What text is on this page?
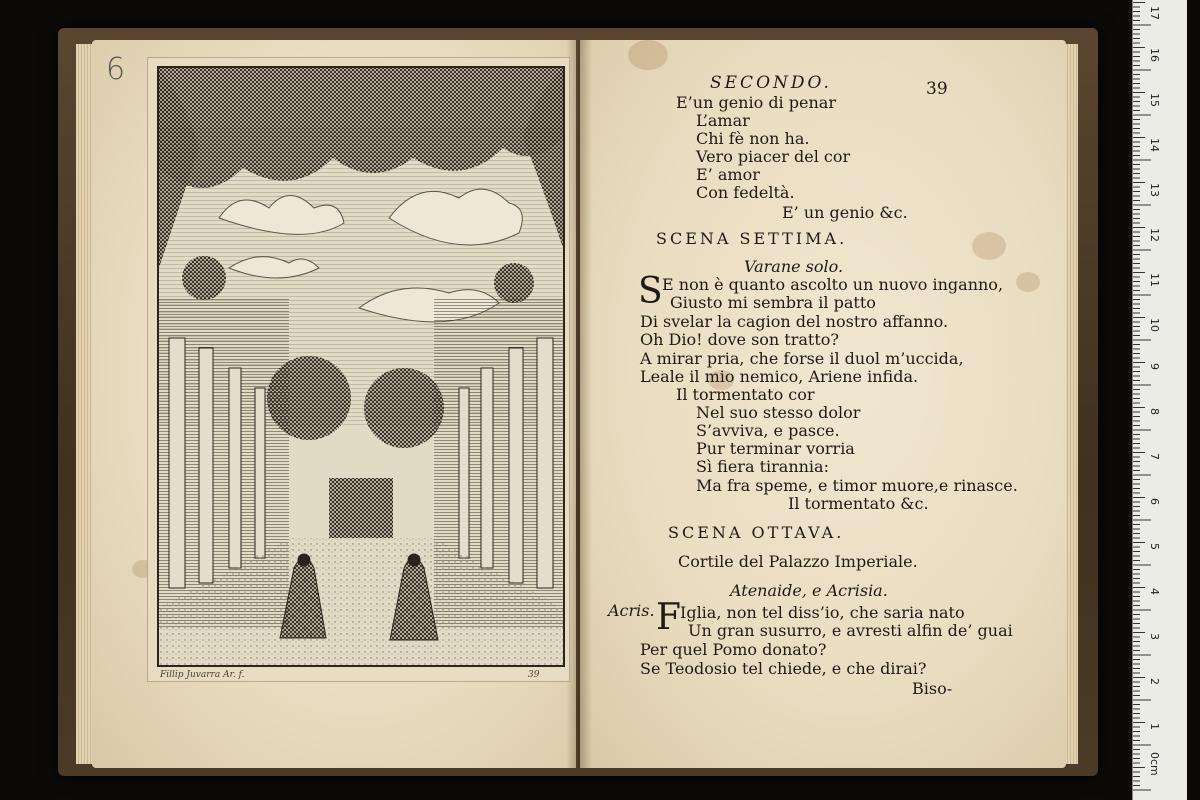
6
Fillip Juvarra Ar. f.	39
SECONDO.	39
E’un genio di penar
L’amar
Chi fè non ha.
Vero piacer del cor
E’ amor
Con fedeltà.
E’ un genio &c.
SCENA SETTIMA.
Varane solo.
S E non è quanto ascolto un nuovo inganno,
Giusto mi sembra il patto
Di svelar la cagion del nostro affanno.
Oh Dio! dove son tratto?
A mirar pria, che forse il duol m’uccida,
Leale il mio nemico, Ariene infida.
Il tormentato cor
Nel suo stesso dolor
S’avviva, e pasce.
Pur terminar vorria
Sì fiera tirannia:
Ma fra speme, e timor muore,e rinasce.
Il tormentato &c.
SCENA OTTAVA.
Cortile del Palazzo Imperiale.
Atenaide, e Acrisia.
Acris. F Iglia, non tel diss’io, che saria nato
Un gran susurro, e avresti alfin de’ guai
Per quel Pomo donato?
Se Teodosio tel chiede, e che dirai?
Biso-
0cm
1
2
3
4
5
6
7
8
9
10
11
12
13
14
15
16
17
